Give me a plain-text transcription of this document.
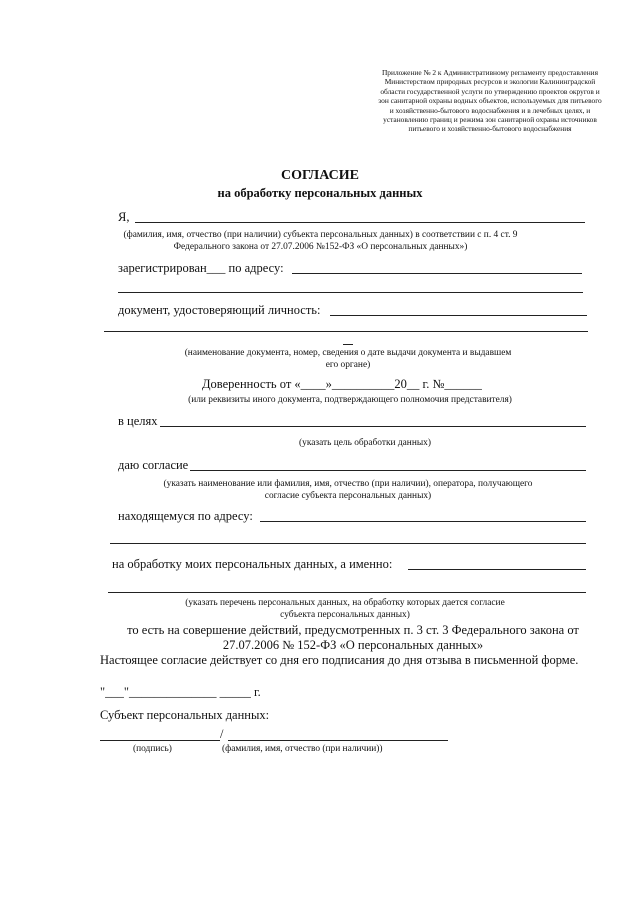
Приложение № 2 к Административному регламенту предоставления Министерством природных ресурсов и экологии Калининградской области государственной услуги по утверждению проектов округов и зон санитарной охраны водных объектов, используемых для питьевого и хозяйственно-бытового водоснабжения и в лечебных целях, и установлению границ и режима зон санитарной охраны источников питьевого и хозяйственно-бытового водоснабжения
СОГЛАСИЕ
на обработку персональных данных
Я,
(фамилия, имя, отчество (при наличии) субъекта персональных данных) в соответствии с п. 4 ст. 9 Федерального закона от 27.07.2006 №152-ФЗ «О персональных данных»)
зарегистрирован___ по адресу:
документ, удостоверяющий личность:
(наименование документа, номер, сведения о дате выдачи документа и выдавшем его органе)
Доверенность от «____»__________20__ г. №______
(или реквизиты иного документа, подтверждающего полномочия представителя)
в целях
(указать цель обработки данных)
даю согласие
(указать наименование или фамилия, имя, отчество (при наличии), оператора, получающего согласие субъекта персональных данных)
находящемуся по адресу:
на обработку моих персональных данных, а именно:
(указать перечень персональных данных, на обработку которых дается согласие субъекта персональных данных)
то есть на совершение действий, предусмотренных п. 3 ст. 3 Федерального закона от 27.07.2006 № 152-ФЗ «О персональных данных»
Настоящее согласие действует со дня его подписания до дня отзыва в письменной форме.
"___"______________ _____ г.
Субъект персональных данных:
/
(подпись)	(фамилия, имя, отчество (при наличии))
